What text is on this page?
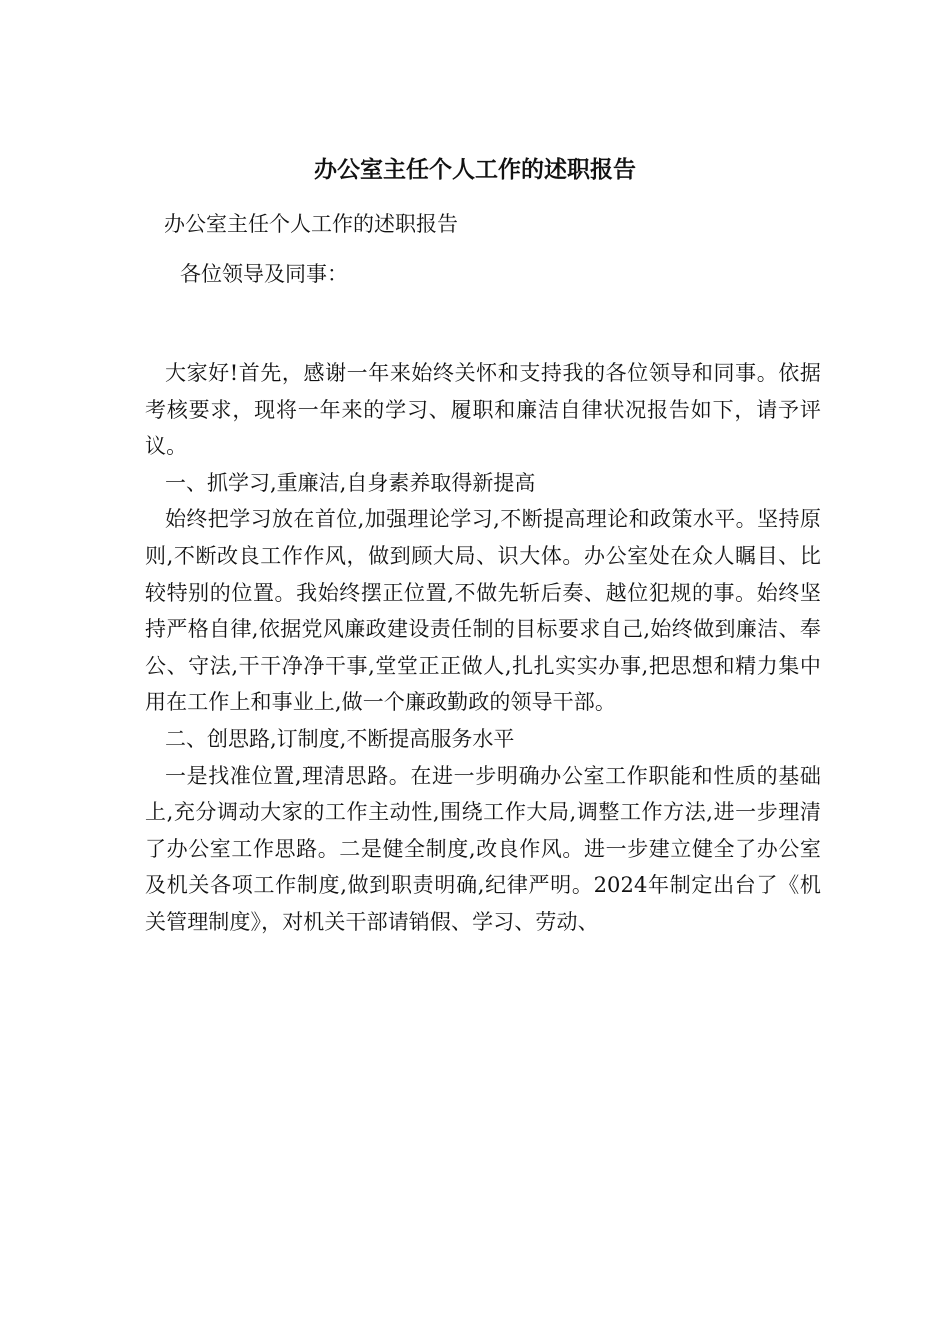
办公室主任个人工作的述职报告

办公室主任个人工作的述职报告

各位领导及同事：

大家好!首先，感谢一年来始终关怀和支持我的各位领导和同事。依据考核要求，现将一年来的学习、履职和廉洁自律状况报告如下，请予评议。

一、抓学习,重廉洁,自身素养取得新提高

始终把学习放在首位,加强理论学习,不断提高理论和政策水平。坚持原则,不断改良工作作风，做到顾大局、识大体。办公室处在众人瞩目、比较特别的位置。我始终摆正位置,不做先斩后奏、越位犯规的事。始终坚持严格自律,依据党风廉政建设责任制的目标要求自己,始终做到廉洁、奉公、守法,干干净净干事,堂堂正正做人,扎扎实实办事,把思想和精力集中用在工作上和事业上,做一个廉政勤政的领导干部。

二、创思路,订制度,不断提高服务水平

一是找准位置,理清思路。在进一步明确办公室工作职能和性质的基础上,充分调动大家的工作主动性,围绕工作大局,调整工作方法,进一步理清了办公室工作思路。二是健全制度,改良作风。进一步建立健全了办公室及机关各项工作制度,做到职责明确,纪律严明。2024年制定出台了《机关管理制度》，对机关干部请销假、学习、劳动、
